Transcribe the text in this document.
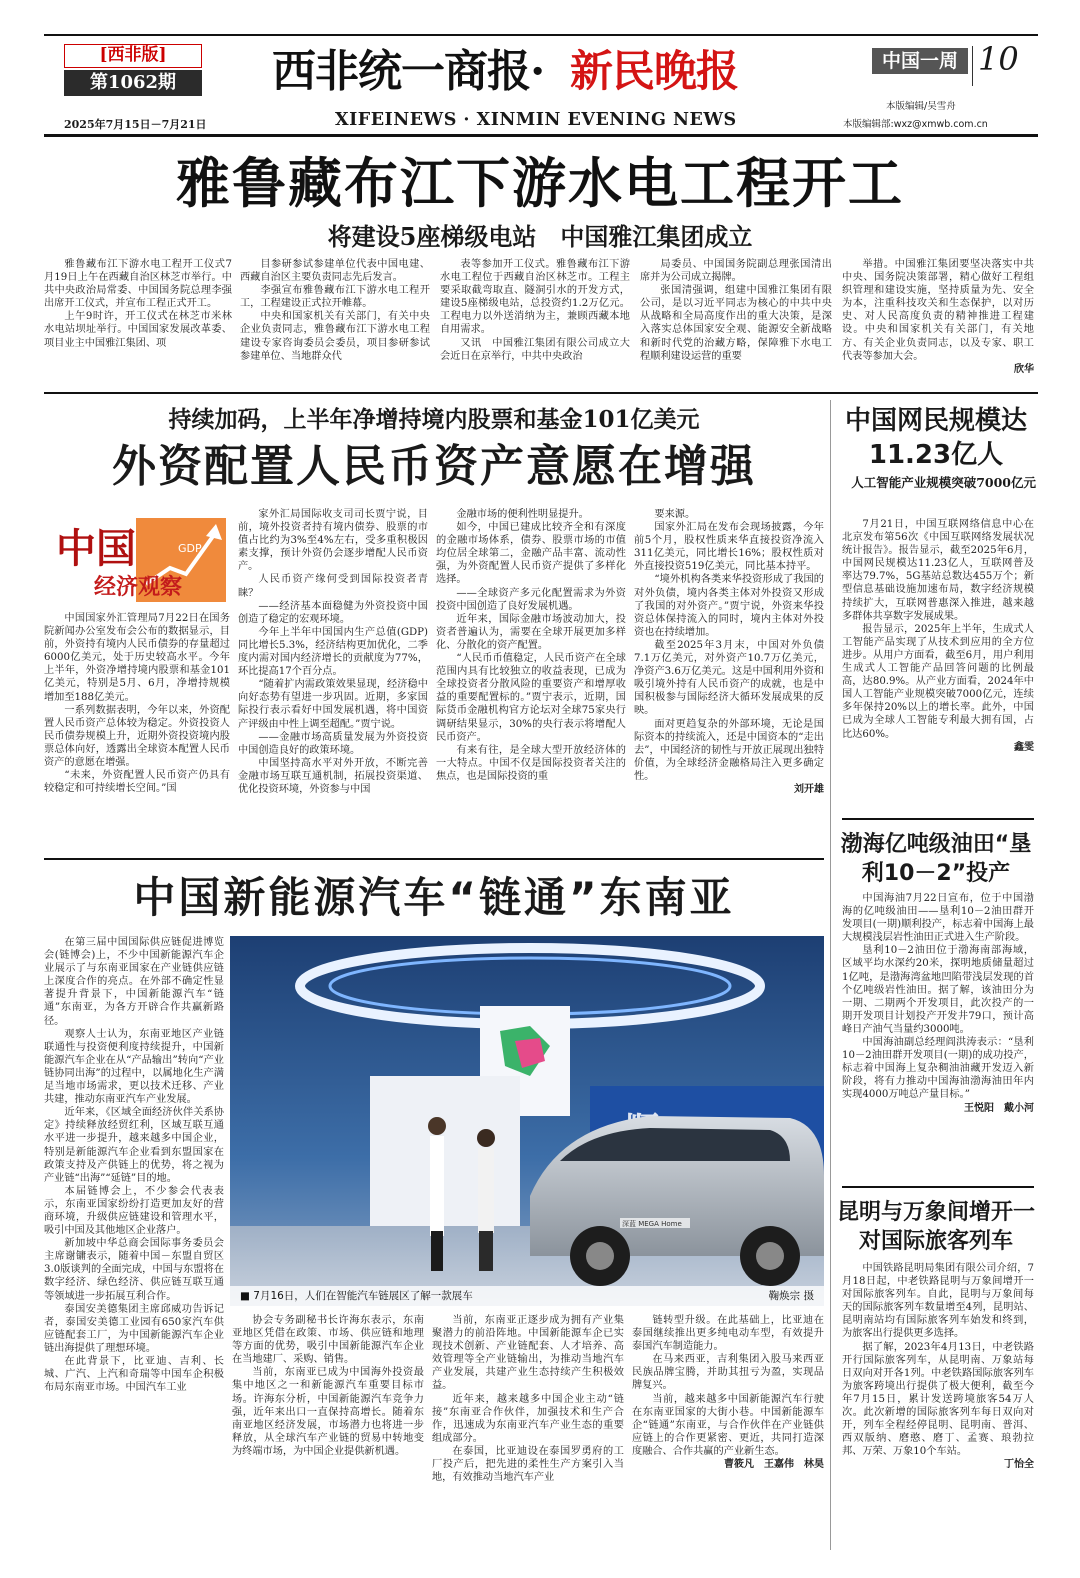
[西非版]
第1062期
2025年7月15日－7月21日
西非统一商报· 新民晚报
XIFEINEWS · XINMIN EVENING NEWS
中国一周 10
本版编辑/吴雪舟
本版编辑部:wxz@xmwb.com.cn
雅鲁藏布江下游水电工程开工
将建设5座梯级电站　中国雅江集团成立

雅鲁藏布江下游水电工程开工仪式7月19日上午在西藏自治区林芝市举行。中共中央政治局常委、中国国务院总理李强出席开工仪式，并宣布工程正式开工。

上午9时许，开工仪式在林芝市米林水电站坝址举行。中国国家发展改革委、项目业主中国雅江集团、项

目参研参试参建单位代表中国电建、西藏自治区主要负责同志先后发言。

李强宣布雅鲁藏布江下游水电工程开工，工程建设正式拉开帷幕。

中央和国家机关有关部门，有关中央企业负责同志，雅鲁藏布江下游水电工程建设专家咨询委员会委员，项目参研参试参建单位、当地群众代

表等参加开工仪式。雅鲁藏布江下游水电工程位于西藏自治区林芝市。工程主要采取截弯取直、隧洞引水的开发方式，建设5座梯级电站，总投资约1.2万亿元。工程电力以外送消纳为主，兼顾西藏本地自用需求。

又讯　中国雅江集团有限公司成立大会近日在京举行，中共中央政治

局委员、中国国务院副总理张国清出席并为公司成立揭牌。

张国清强调，组建中国雅江集团有限公司，是以习近平同志为核心的中共中央从战略和全局高度作出的重大决策，是深入落实总体国家安全观、能源安全新战略和新时代党的治藏方略，保障雅下水电工程顺利建设运营的重要

举措。中国雅江集团要坚决落实中共中央、国务院决策部署，精心做好工程组织管理和建设实施，坚持质量为先、安全为本，注重科技攻关和生态保护，以对历史、对人民高度负责的精神推进工程建设。中央和国家机关有关部门，有关地方、有关企业负责同志，以及专家、职工代表等参加大会。

欣华

持续加码，上半年净增持境内股票和基金101亿美元
外资配置人民币资产意愿在增强
中国	GDP
经济观察

中国国家外汇管理局7月22日在国务院新闻办公室发布会公布的数据显示，目前，外资持有境内人民币债券的存量超过6000亿美元，处于历史较高水平。今年上半年，外资净增持境内股票和基金101亿美元，特别是5月、6月，净增持规模增加至188亿美元。

一系列数据表明，今年以来，外资配置人民币资产总体较为稳定。外资投资人民币债券规模上升，近期外资投资境内股票总体向好，透露出全球资本配置人民币资产的意愿在增强。

“未来，外资配置人民币资产仍具有较稳定和可持续增长空间。”国

家外汇局国际收支司司长贾宁说，目前，境外投资者持有境内债券、股票的市值占比约为3%至4%左右，受多重积极因素支撑，预计外资仍会逐步增配人民币资产。

人民币资产缘何受到国际投资者青睐？

——经济基本面稳健为外资投资中国创造了稳定的宏观环境。

今年上半年中国国内生产总值(GDP)同比增长5.3%，经济结构更加优化，二季度内需对国内经济增长的贡献度为77%，环比提高17个百分点。

“随着扩内需政策效果显现，经济稳中向好态势有望进一步巩固。近期，多家国际投行表示看好中国发展机遇，将中国资产评级由中性上调至超配。”贾宁说。

——金融市场高质量发展为外资投资中国创造良好的政策环境。

中国坚持高水平对外开放，不断完善金融市场互联互通机制，拓展投资渠道、优化投资环境，外资参与中国

金融市场的便利性明显提升。

如今，中国已建成比较齐全和有深度的金融市场体系，债券、股票市场的市值均位居全球第二，金融产品丰富、流动性强，为外资配置人民币资产提供了多样化选择。

——全球资产多元化配置需求为外资投资中国创造了良好发展机遇。

近年来，国际金融市场波动加大，投资者普遍认为，需要在全球开展更加多样化、分散化的资产配置。

“人民币币值稳定，人民币资产在全球范围内具有比较独立的收益表现，已成为全球投资者分散风险的重要资产和增厚收益的重要配置标的。”贾宁表示，近期，国际货币金融机构官方论坛对全球75家央行调研结果显示，30%的央行表示将增配人民币资产。

有来有往，是全球大型开放经济体的一大特点。中国不仅是国际投资者关注的焦点，也是国际投资的重

要来源。

国家外汇局在发布会现场披露，今年前5个月，股权性质来华直接投资净流入311亿美元，同比增长16%；股权性质对外直接投资519亿美元，同比基本持平。

“境外机构各类来华投资形成了我国的对外负债，境内各类主体对外投资又形成了我国的对外资产。”贾宁说，外资来华投资总体保持流入的同时，境内主体对外投资也在持续增加。

截至2025年3月末，中国对外负债7.1万亿美元，对外资产10.7万亿美元，净资产3.6万亿美元。这是中国利用外资和吸引境外持有人民币资产的成就，也是中国积极参与国际经济大循环发展成果的反映。

面对更趋复杂的外部环境，无论是国际资本的持续流入，还是中国资本的“走出去”，中国经济的韧性与开放正展现出独特价值，为全球经济金融格局注入更多确定性。

刘开雄

中国网民规模达11.23亿人
人工智能产业规模突破7000亿元

7月21日，中国互联网络信息中心在北京发布第56次《中国互联网络发展状况统计报告》。报告显示，截至2025年6月，中国网民规模达11.23亿人，互联网普及率达79.7%，5G基站总数达455万个；新型信息基础设施加速布局，数字经济规模持续扩大，互联网普惠深入推进，越来越多群体共享数字发展成果。

报告显示，2025年上半年，生成式人工智能产品实现了从技术到应用的全方位进步。从用户方面看，截至6月，用户利用生成式人工智能产品回答问题的比例最高，达80.9%。从产业方面看，2024年中国人工智能产业规模突破7000亿元，连续多年保持20%以上的增长率。此外，中国已成为全球人工智能专利最大拥有国，占比达60%。

鑫雯

中国新能源汽车“链通”东南亚

在第三届中国国际供应链促进博览会(链博会)上，不少中国新能源汽车企业展示了与东南亚国家在产业链供应链上深度合作的亮点。在外部不确定性显著提升背景下，中国新能源汽车“链通”东南亚，为各方开辟合作共赢新路径。

观察人士认为，东南亚地区产业链联通性与投资便利度持续提升，中国新能源汽车企业在从“产品输出”转向“产业链协同出海”的过程中，以属地化生产满足当地市场需求，更以技术迁移、产业共建，推动东南亚汽车产业发展。

近年来，《区域全面经济伙伴关系协定》持续释放经贸红利，区域互联互通水平进一步提升，越来越多中国企业，特别是新能源汽车企业看到东盟国家在政策支持及产供链上的优势，将之视为产业链“出海”“延链”目的地。

本届链博会上，不少参会代表表示，东南亚国家纷纷打造更加友好的营商环境，升级供应链建设和管理水平，吸引中国及其他地区企业落户。

新加坡中华总商会国际事务委员会主席谢镛表示，随着中国－东盟自贸区3.0版谈判的全面完成，中国与东盟将在数字经济、绿色经济、供应链互联互通等领域进一步拓展互利合作。

泰国安美德集团主席邱威功告诉记者，泰国安美德工业园有650家汽车供应链配套工厂，为中国新能源汽车企业链出海提供了理想环境。

在此背景下，比亚迪、吉利、长城、广汽、上汽和奇瑞等中国车企积极布局东南亚市场。中国汽车工业

深蓝 MEGA Home
■ 7月16日，人们在智能汽车链展区了解一款展车	鞠焕宗 摄

协会专务副秘书长许海东表示，东南亚地区凭借在政策、市场、供应链和地理等方面的优势，吸引中国新能源汽车企业在当地建厂、采购、销售。

当前，东南亚已成为中国海外投资最集中地区之一和新能源汽车重要目标市场。许海东分析，中国新能源汽车竞争力强，近年来出口一直保持高增长。随着东南亚地区经济发展，市场潜力也将进一步释放，从全球汽车产业链的贸易中转地变为终端市场，为中国企业提供新机遇。

当前，东南亚正逐步成为拥有产业集聚潜力的前沿阵地。中国新能源车企已实现技术创新、产业链配套、人才培养、高效管理等全产业链输出，为推动当地汽车产业发展，共建产业生态持续产生积极效益。

近年来，越来越多中国企业主动“链接”东南亚合作伙伴，加强技术和生产合作，迅速成为东南亚汽车产业生态的重要组成部分。

在泰国，比亚迪设在泰国罗勇府的工厂投产后，把先进的柔性生产方案引入当地，有效推动当地汽车产业

链转型升级。在此基础上，比亚迪在泰国继续推出更多纯电动车型，有效提升泰国汽车制造能力。

在马来西亚，吉利集团入股马来西亚民族品牌宝腾，并助其扭亏为盈，实现品牌复兴。

当前，越来越多中国新能源汽车行驶在东南亚国家的大街小巷。中国新能源车企“链通”东南亚，与合作伙伴在产业链供应链上的合作更紧密、更近，共同打造深度融合、合作共赢的产业新生态。

曹筱凡　王嘉伟　林昊

渤海亿吨级油田“垦利10－2”投产

中国海油7月22日宣布，位于中国渤海的亿吨级油田——垦利10－2油田群开发项目(一期)顺利投产，标志着中国海上最大规模浅层岩性油田正式进入生产阶段。

垦利10－2油田位于渤海南部海域，区域平均水深约20米，探明地质储量超过1亿吨，是渤海湾盆地凹陷带浅层发现的首个亿吨级岩性油田。据了解，该油田分为一期、二期两个开发项目，此次投产的一期开发项目计划投产开发井79口，预计高峰日产油气当量约3000吨。

中国海油副总经理阎洪涛表示：“垦利10－2油田群开发项目(一期)的成功投产，标志着中国海上复杂稠油油藏开发迈入新阶段，将有力推动中国海油渤海油田年内实现4000万吨总产量目标。”

王悦阳　戴小河

昆明与万象间增开一对国际旅客列车

中国铁路昆明局集团有限公司介绍，7月18日起，中老铁路昆明与万象间增开一对国际旅客列车。自此，昆明与万象间每天的国际旅客列车数量增至4列，昆明站、昆明南站均有国际旅客列车始发和终到，为旅客出行提供更多选择。

据了解，2023年4月13日，中老铁路开行国际旅客列车，从昆明南、万象站每日双向对开各1列。中老铁路国际旅客列车为旅客跨境出行提供了极大便利，截至今年7月15日，累计发送跨境旅客54万人次。此次新增的国际旅客列车每日双向对开，列车全程经停昆明、昆明南、普洱、西双版纳、磨憨、磨丁、孟赛、琅勃拉邦、万荣、万象10个车站。

丁怡全
